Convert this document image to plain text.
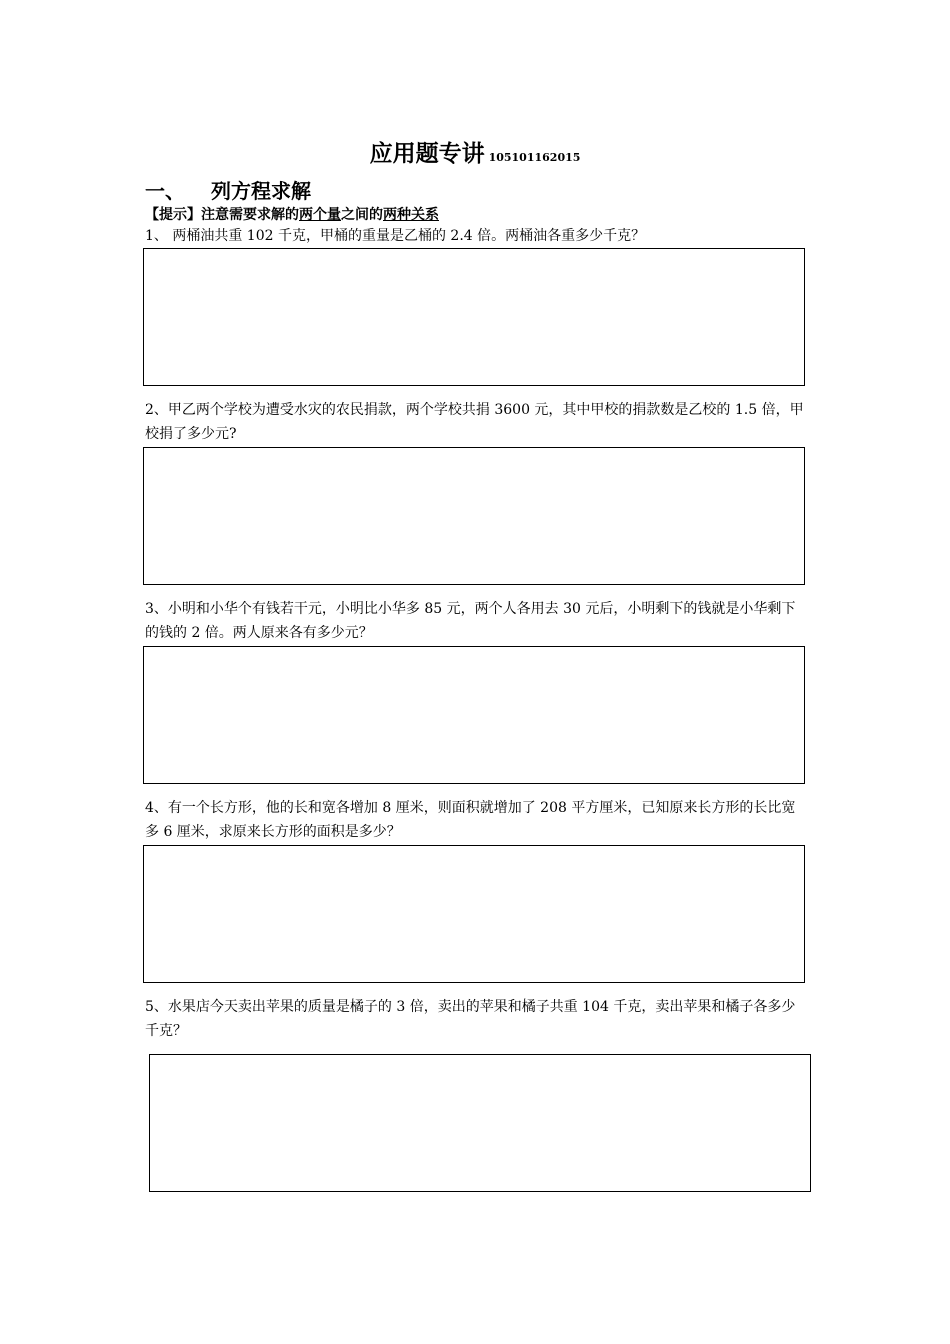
应用题专讲 105101162015
一、 列方程求解
【提示】注意需要求解的两个量之间的两种关系
1、 两桶油共重 102 千克，甲桶的重量是乙桶的 2.4 倍。两桶油各重多少千克？
2、甲乙两个学校为遭受水灾的农民捐款，两个学校共捐 3600 元，其中甲校的捐款数是乙校的 1.5 倍，甲校捐了多少元?
3、小明和小华个有钱若干元，小明比小华多 85 元，两个人各用去 30 元后，小明剩下的钱就是小华剩下的钱的 2 倍。两人原来各有多少元？
4、有一个长方形，他的长和宽各增加 8 厘米，则面积就增加了 208 平方厘米，已知原来长方形的长比宽多 6 厘米，求原来长方形的面积是多少？
5、水果店今天卖出苹果的质量是橘子的 3 倍，卖出的苹果和橘子共重 104 千克，卖出苹果和橘子各多少千克？
